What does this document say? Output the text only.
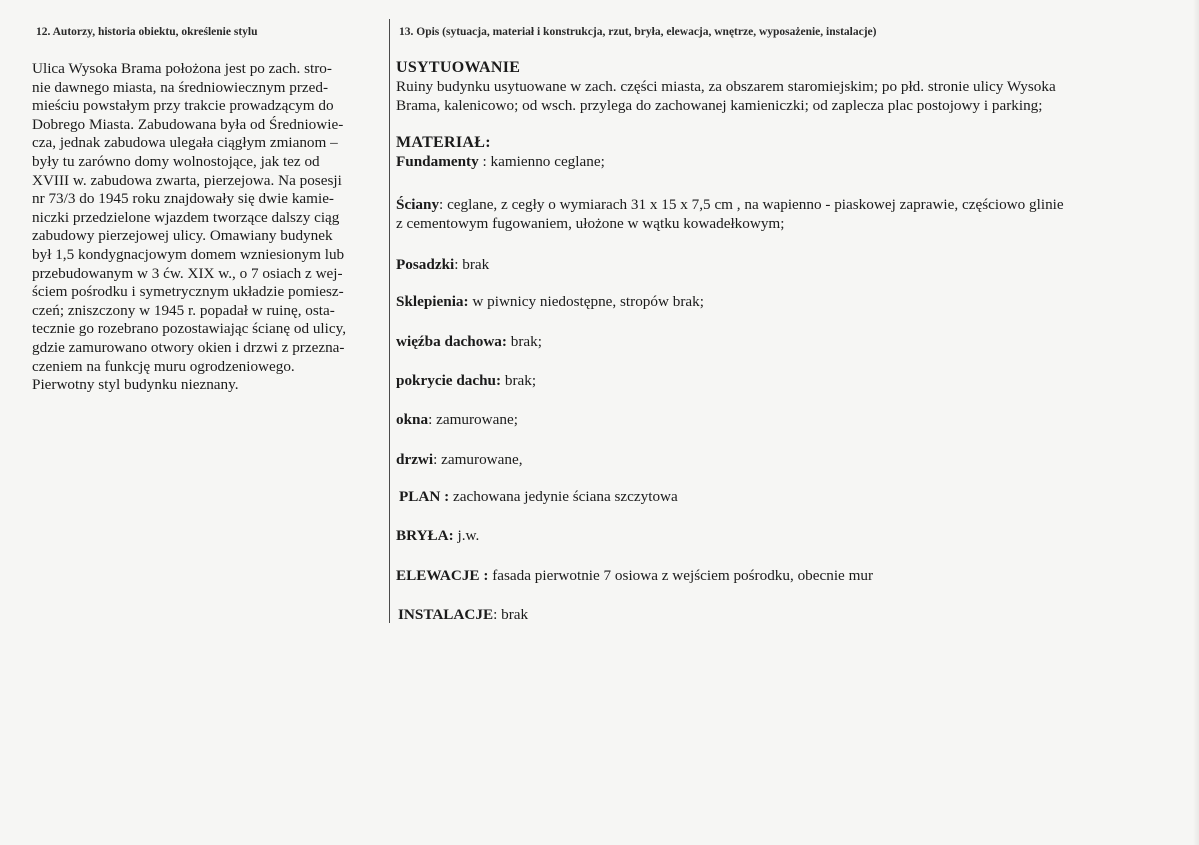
12. Autorzy, historia obiektu, określenie stylu	13. Opis (sytuacja, materiał i konstrukcja, rzut, bryła, elewacja, wnętrze, wyposażenie, instalacje)
Ulica Wysoka Brama położona jest po zach. stro-
nie dawnego miasta, na średniowiecznym przed-
mieściu powstałym przy trakcie prowadzącym do
Dobrego Miasta. Zabudowana była od Średniowie-
cza, jednak zabudowa ulegała ciągłym zmianom –
były tu zarówno domy wolnostojące, jak tez od
XVIII w. zabudowa zwarta, pierzejowa. Na posesji
nr 73/3 do 1945 roku znajdowały się dwie kamie-
niczki przedzielone wjazdem tworzące dalszy ciąg
zabudowy pierzejowej ulicy. Omawiany budynek
był 1,5 kondygnacjowym domem wzniesionym lub
przebudowanym w 3 ćw. XIX w., o 7 osiach z wej-
ściem pośrodku i symetrycznym układzie pomiesz-
czeń; zniszczony w 1945 r. popadał w ruinę, osta-
tecznie go rozebrano pozostawiając ścianę od ulicy,
gdzie zamurowano otwory okien i drzwi z przezna-
czeniem na funkcję muru ogrodzeniowego.
Pierwotny styl budynku nieznany.
USYTUOWANIE
Ruiny budynku usytuowane w zach. części miasta, za obszarem staromiejskim; po płd. stronie ulicy Wysoka
Brama, kalenicowo; od wsch. przylega do zachowanej kamieniczki; od zaplecza plac postojowy i parking;
MATERIAŁ:
Fundamenty : kamiennо ceglane;
Ściany: ceglane, z cegły o wymiarach 31 x 15 x 7,5 cm , na wapienno - piaskowej zaprawie, częściowo glinie
z cementowym fugowaniem, ułożone w wątku kowadełkowym;
Posadzki: brak
Sklepienia: w piwnicy niedostępne, stropów brak;
więźba dachowa: brak;
pokrycie dachu: brak;
okna: zamurowane;
drzwi: zamurowane,
PLAN : zachowana jedynie ściana szczytowa
BRYŁA: j.w.
ELEWACJE : fasada pierwotnie 7 osiowa z wejściem pośrodku, obecnie mur
INSTALACJE: brak
